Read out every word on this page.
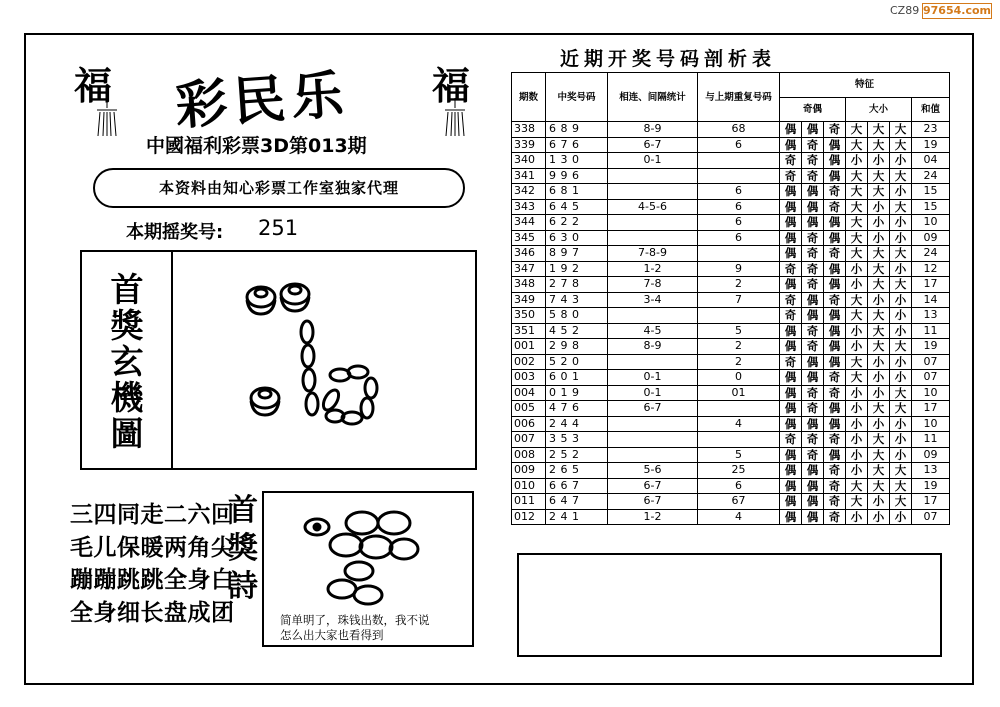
CZ89 97654.com
福	福
彩民乐
中國福利彩票3D第013期
本资料由知心彩票工作室独家代理
本期摇奖号: 251
首
獎
玄
機
圖
三四同走二六回
毛儿保暖两角尖
蹦蹦跳跳全身白
全身细长盘成团
首
獎
詩
简单明了，珠钱出数，我不说
怎么出大家也看得到
近期开奖号码剖析表
期数	中奖号码	相连、间隔统计	与上期重复号码	特征						
				奇偶			大小			和值
338	689	8-9	68	偶	偶	奇	大	大	大	23
339	676	6-7	6	偶	奇	偶	大	大	大	19
340	130	0-1		奇	奇	偶	小	小	小	04
341	996			奇	奇	偶	大	大	大	24
342	681		6	偶	偶	奇	大	大	小	15
343	645	4-5-6	6	偶	偶	奇	大	小	大	15
344	622		6	偶	偶	偶	大	小	小	10
345	630		6	偶	奇	偶	大	小	小	09
346	897	7-8-9		偶	奇	奇	大	大	大	24
347	192	1-2	9	奇	奇	偶	小	大	小	12
348	278	7-8	2	偶	奇	偶	小	大	大	17
349	743	3-4	7	奇	偶	奇	大	小	小	14
350	580			奇	偶	偶	大	大	小	13
351	452	4-5	5	偶	奇	偶	小	大	小	11
001	298	8-9	2	偶	奇	偶	小	大	大	19
002	520		2	奇	偶	偶	大	小	小	07
003	601	0-1	0	偶	偶	奇	大	小	小	07
004	019	0-1	01	偶	奇	奇	小	小	大	10
005	476	6-7		偶	奇	偶	小	大	大	17
006	244		4	偶	偶	偶	小	小	小	10
007	353			奇	奇	奇	小	大	小	11
008	252		5	偶	奇	偶	小	大	小	09
009	265	5-6	25	偶	偶	奇	小	大	大	13
010	667	6-7	6	偶	偶	奇	大	大	大	19
011	647	6-7	67	偶	偶	奇	大	小	大	17
012	241	1-2	4	偶	偶	奇	小	小	小	07
